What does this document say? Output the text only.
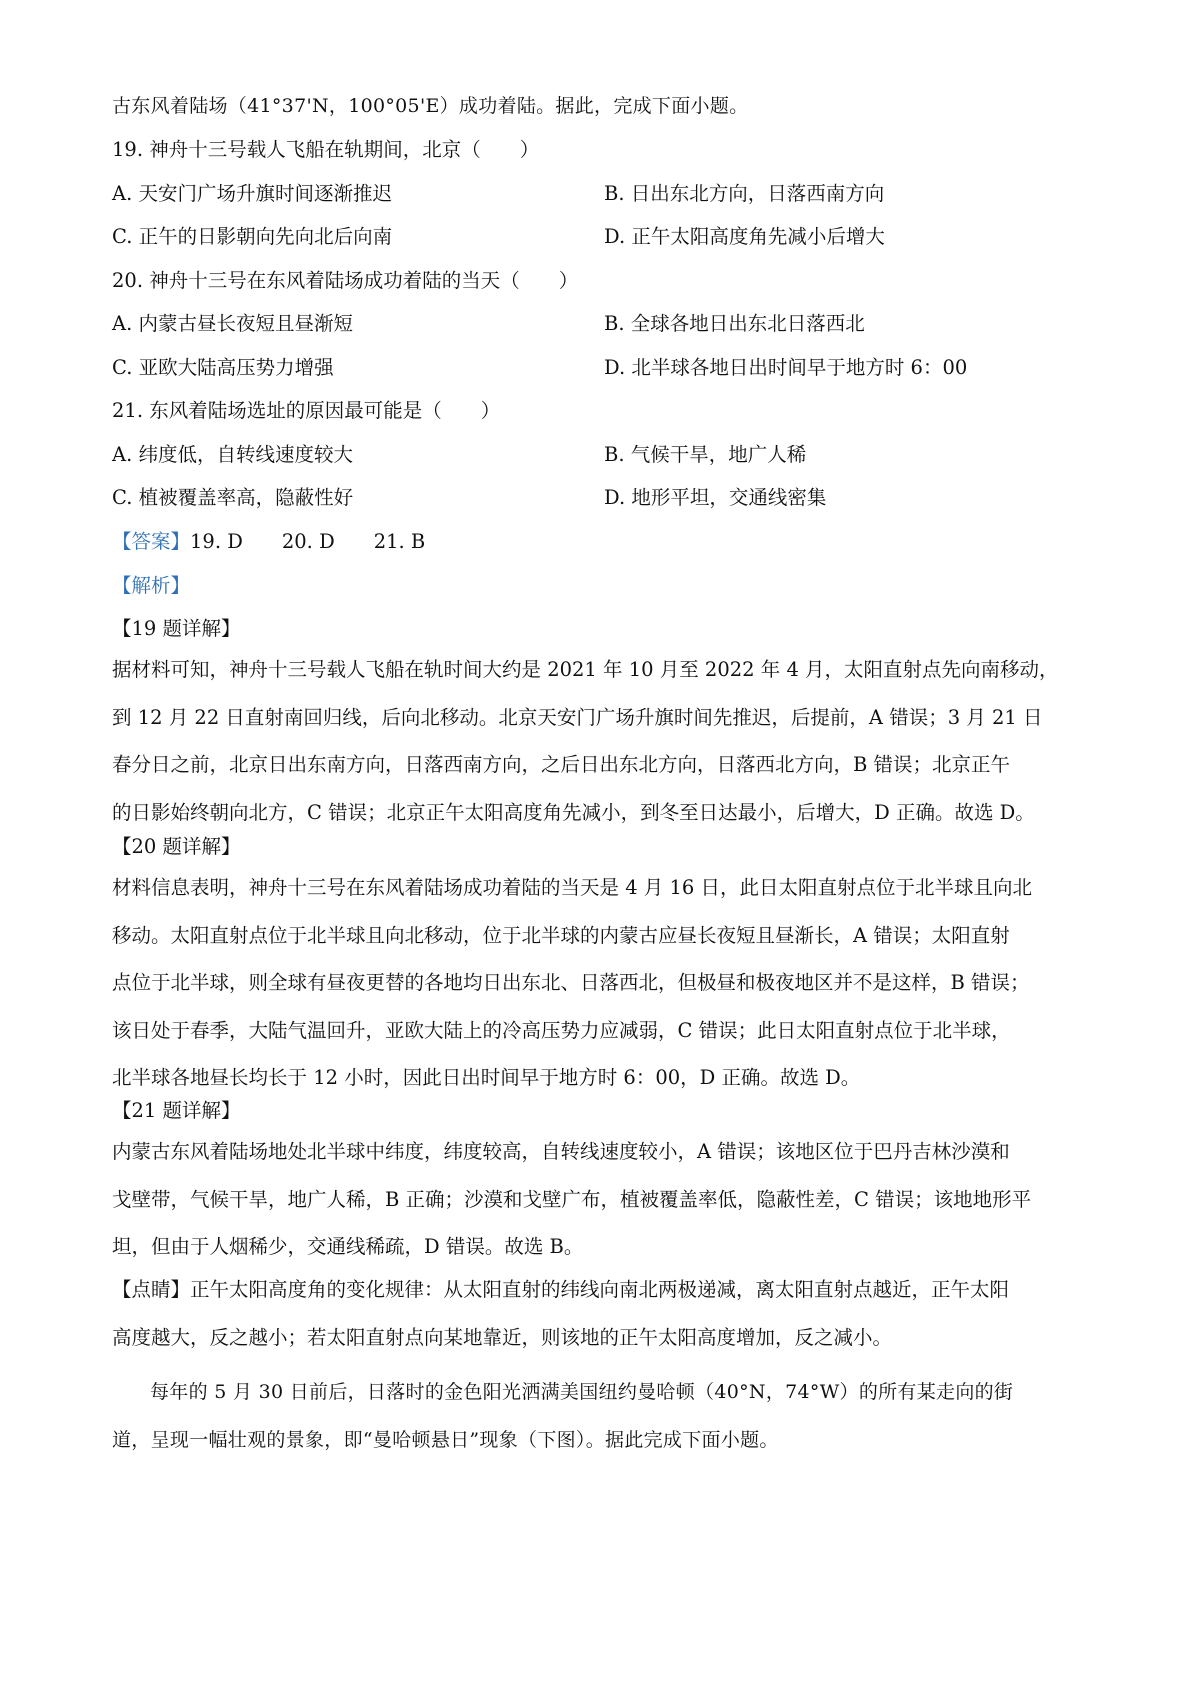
古东风着陆场（41°37'N，100°05'E）成功着陆。据此，完成下面小题。
19. 神舟十三号载人飞船在轨期间，北京（　　）
A. 天安门广场升旗时间逐渐推迟	B. 日出东北方向，日落西南方向
C. 正午的日影朝向先向北后向南	D. 正午太阳高度角先减小后增大
20. 神舟十三号在东风着陆场成功着陆的当天（　　）
A. 内蒙古昼长夜短且昼渐短	B. 全球各地日出东北日落西北
C. 亚欧大陆高压势力增强	D. 北半球各地日出时间早于地方时 6：00
21. 东风着陆场选址的原因最可能是（　　）
A. 纬度低，自转线速度较大	B. 气候干旱，地广人稀
C. 植被覆盖率高，隐蔽性好	D. 地形平坦，交通线密集
【答案】19. D　　20. D　　21. B
【解析】
【19 题详解】

据材料可知，神舟十三号载人飞船在轨时间大约是 2021 年 10 月至 2022 年 4 月，太阳直射点先向南移动，

到 12 月 22 日直射南回归线，后向北移动。北京天安门广场升旗时间先推迟，后提前，A 错误；3 月 21 日

春分日之前，北京日出东南方向，日落西南方向，之后日出东北方向，日落西北方向，B 错误；北京正午

的日影始终朝向北方，C 错误；北京正午太阳高度角先减小，到冬至日达最小，后增大，D 正确。故选 D。

【20 题详解】

材料信息表明，神舟十三号在东风着陆场成功着陆的当天是 4 月 16 日，此日太阳直射点位于北半球且向北

移动。太阳直射点位于北半球且向北移动，位于北半球的内蒙古应昼长夜短且昼渐长，A 错误；太阳直射

点位于北半球，则全球有昼夜更替的各地均日出东北、日落西北，但极昼和极夜地区并不是这样，B 错误；

该日处于春季，大陆气温回升，亚欧大陆上的冷高压势力应减弱，C 错误；此日太阳直射点位于北半球，

北半球各地昼长均长于 12 小时，因此日出时间早于地方时 6：00，D 正确。故选 D。

【21 题详解】

内蒙古东风着陆场地处北半球中纬度，纬度较高，自转线速度较小，A 错误；该地区位于巴丹吉林沙漠和

戈壁带，气候干旱，地广人稀，B 正确；沙漠和戈壁广布，植被覆盖率低，隐蔽性差，C 错误；该地地形平

坦，但由于人烟稀少，交通线稀疏，D 错误。故选 B。

【点睛】正午太阳高度角的变化规律：从太阳直射的纬线向南北两极递减，离太阳直射点越近，正午太阳

高度越大，反之越小；若太阳直射点向某地靠近，则该地的正午太阳高度增加，反之减小。

每年的 5 月 30 日前后，日落时的金色阳光洒满美国纽约曼哈顿（40°N，74°W）的所有某走向的街

道，呈现一幅壮观的景象，即“曼哈顿悬日”现象（下图）。据此完成下面小题。
